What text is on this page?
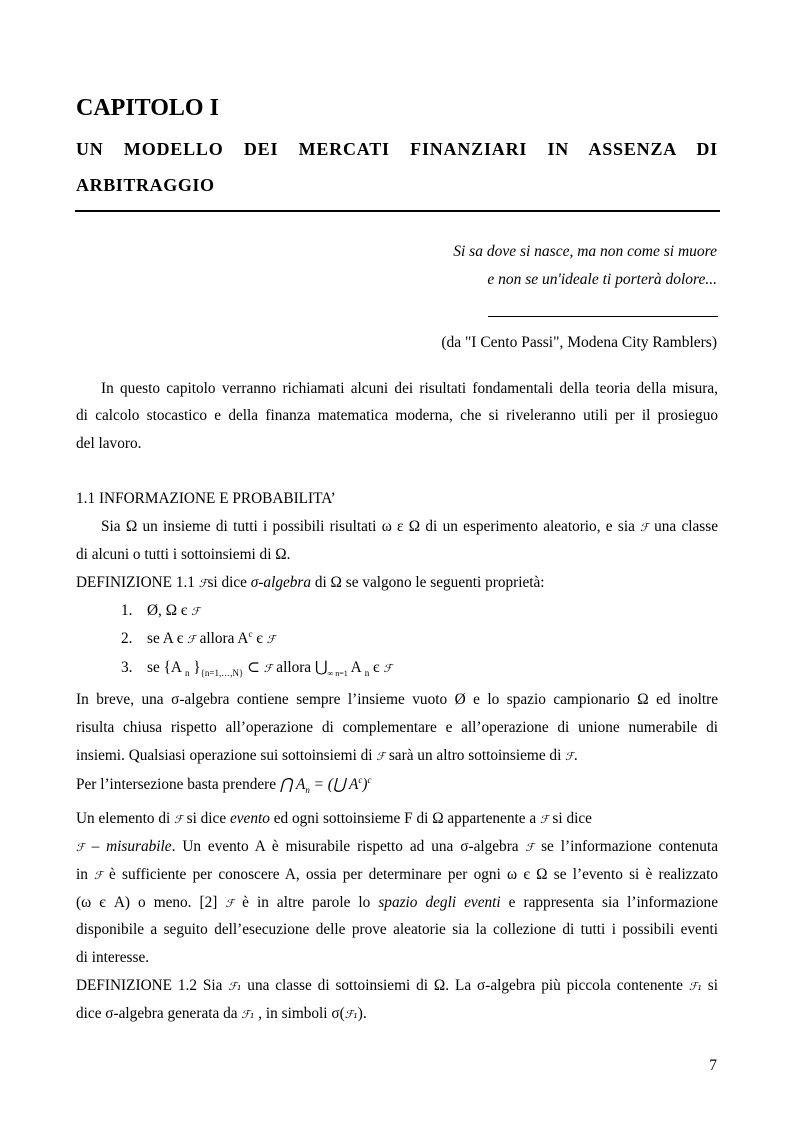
CAPITOLO I
UN MODELLO DEI MERCATI FINANZIARI IN ASSENZA DI
ARBITRAGGIO
Si sa dove si nasce, ma non come si muore
e non se un'ideale ti porterà dolore...
(da "I Cento Passi", Modena City Ramblers)
In questo capitolo verranno richiamati alcuni dei risultati fondamentali della teoria della misura,
di calcolo stocastico e della finanza matematica moderna, che si riveleranno utili per il prosieguo
del lavoro.
1.1 INFORMAZIONE E PROBABILITA’
Sia Ω un insieme di tutti i possibili risultati ω ε Ω di un esperimento aleatorio, e sia ℱ una classe
di alcuni o tutti i sottoinsiemi di Ω.
DEFINIZIONE 1.1 ℱsi dice σ-algebra di Ω se valgono le seguenti proprietà:
1. Ø, Ω є ℱ
2. se A є ℱ allora $A^c$ є ℱ
3. se {A $_n$ }$_{\{n=1,\dots,N\}}$ ⊂ ℱ allora $⋃_{\infty n=1}$ A $_n$ є ℱ
In breve, una σ-algebra contiene sempre l’insieme vuoto Ø e lo spazio campionario Ω ed inoltre
risulta chiusa rispetto all’operazione di complementare e all’operazione di unione numerabile di
insiemi. Qualsiasi operazione sui sottoinsiemi di ℱ sarà un altro sottoinsieme di ℱ.
Per l’intersezione basta prendere ⋂ $A_n$ = (⋃ $A^c)^c$
Un elemento di ℱ si dice evento ed ogni sottoinsieme F di Ω appartenente a ℱ si dice
ℱ – misurabile. Un evento A è misurabile rispetto ad una σ-algebra ℱ se l’informazione contenuta
in ℱ è sufficiente per conoscere A, ossia per determinare per ogni ω є Ω se l’evento si è realizzato
(ω є A) o meno. [2] ℱ è in altre parole lo spazio degli eventi e rappresenta sia l’informazione
disponibile a seguito dell’esecuzione delle prove aleatorie sia la collezione di tutti i possibili eventi
di interesse.
DEFINIZIONE 1.2 Sia ℱ₁ una classe di sottoinsiemi di Ω. La σ-algebra più piccola contenente ℱ₁ si
dice σ-algebra generata da ℱ₁ , in simboli σ(ℱ₁).
7
